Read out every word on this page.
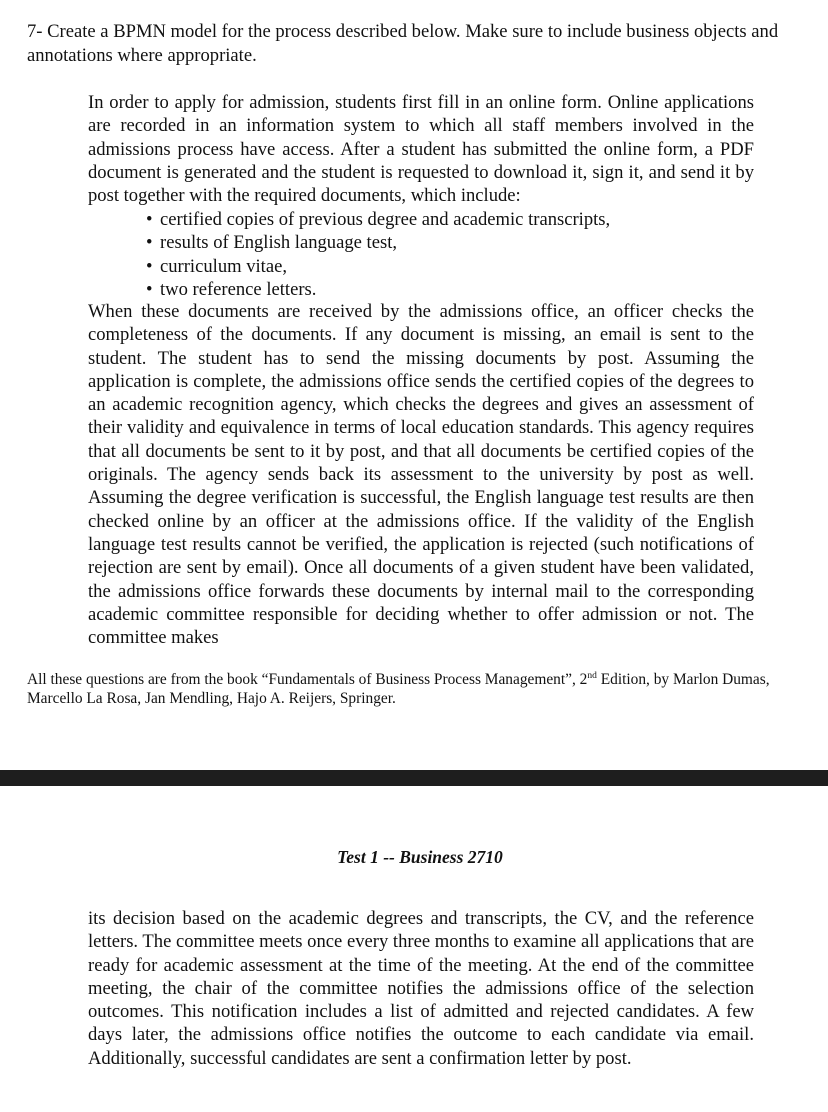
7- Create a BPMN model for the process described below. Make sure to include business objects and annotations where appropriate.

In order to apply for admission, students first fill in an online form. Online applications are recorded in an information system to which all staff members involved in the admissions process have access. After a student has submitted the online form, a PDF document is generated and the student is requested to download it, sign it, and send it by post together with the required documents, which include:

• certified copies of previous degree and academic transcripts,
• results of English language test,
• curriculum vitae,
• two reference letters.

When these documents are received by the admissions office, an officer checks the completeness of the documents. If any document is missing, an email is sent to the student. The student has to send the missing documents by post. Assuming the application is complete, the admissions office sends the certified copies of the degrees to an academic recognition agency, which checks the degrees and gives an assessment of their validity and equivalence in terms of local education standards. This agency requires that all documents be sent to it by post, and that all documents be certified copies of the originals. The agency sends back its assessment to the university by post as well. Assuming the degree verification is successful, the English language test results are then checked online by an officer at the admissions office. If the validity of the English language test results cannot be verified, the application is rejected (such notifications of rejection are sent by email). Once all documents of a given student have been validated, the admissions office forwards these documents by internal mail to the corresponding academic committee responsible for deciding whether to offer admission or not. The committee makes

All these questions are from the book “Fundamentals of Business Process Management”, 2nd Edition, by Marlon Dumas, Marcello La Rosa, Jan Mendling, Hajo A. Reijers, Springer.

Test 1 -- Business 2710

its decision based on the academic degrees and transcripts, the CV, and the reference letters. The committee meets once every three months to examine all applications that are ready for academic assessment at the time of the meeting. At the end of the committee meeting, the chair of the committee notifies the admissions office of the selection outcomes. This notification includes a list of admitted and rejected candidates. A few days later, the admissions office notifies the outcome to each candidate via email. Additionally, successful candidates are sent a confirmation letter by post.
